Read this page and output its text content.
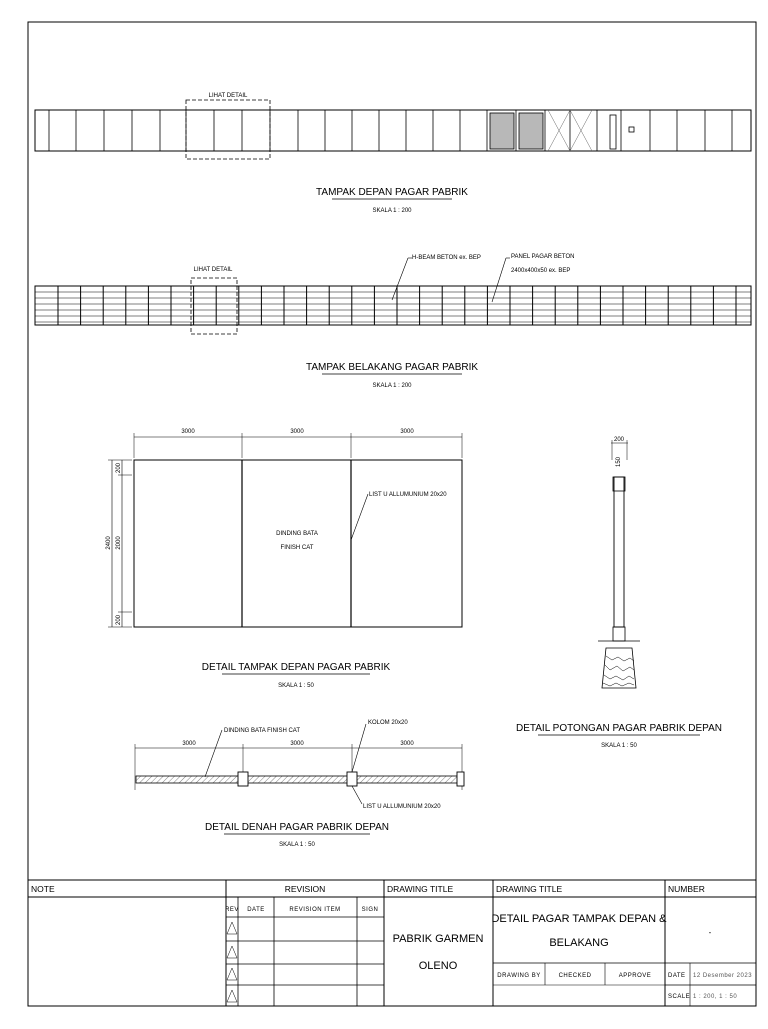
LIHAT DETAIL
TAMPAK DEPAN PAGAR PABRIK
SKALA 1 : 200
LIHAT DETAIL
H-BEAM BETON ex. BEP	PANEL PAGAR BETON
2400x400x50 ex. BEP
TAMPAK BELAKANG PAGAR PABRIK
SKALA 1 : 200
3000	3000	3000
2400
200
2000
200
DINDING BATA
FINISH CAT
LIST U ALLUMUNIUM 20x20
DETAIL TAMPAK DEPAN PAGAR PABRIK
SKALA 1 : 50
200
150
DETAIL POTONGAN PAGAR PABRIK DEPAN
SKALA 1 : 50
3000	3000	3000
DINDING BATA FINISH CAT
KOLOM 20x20
LIST U ALLUMUNIUM 20x20
DETAIL DENAH PAGAR PABRIK DEPAN
SKALA 1 : 50
NOTE	REVISION	DRAWING TITLE	DRAWING TITLE	NUMBER
REV DATE	REVISION ITEM	SIGN
PABRIK GARMEN
OLENO
DETAIL PAGAR TAMPAK DEPAN &
BELAKANG
DRAWING BY	CHECKED	APPROVE
-
DATE 12 Desember 2023
SCALE 1 : 200, 1 : 50
